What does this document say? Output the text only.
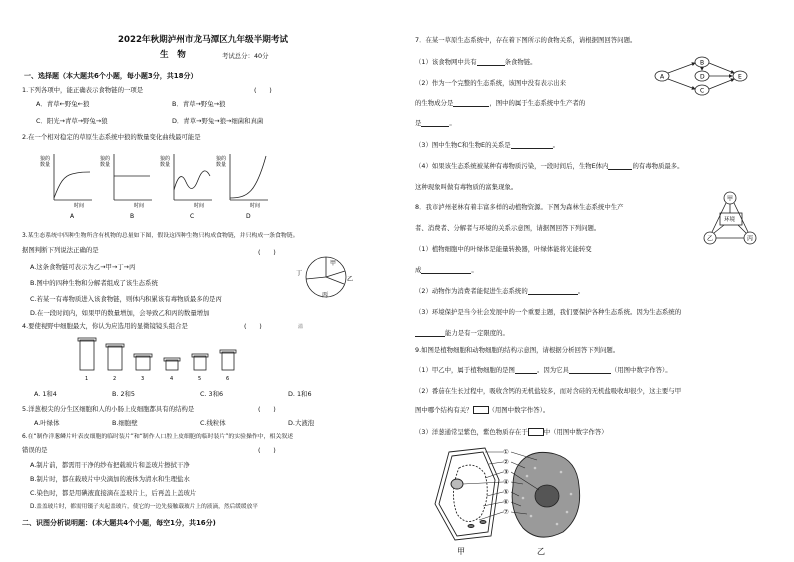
2022年秋期泸州市龙马潭区九年级半期考试
生　物	考试总分：40分
一、选择题（本大题共6个小题，每小题3分，共18分）
1.下列各项中，能正确表示食物链的一项是	(　　)
A．青草←野兔←狼	B．青草→野兔→狼
C．阳光→青草→野兔→狼	D．青草→野兔→狼→细菌和真菌
2.在一个相对稳定的草原生态系统中狼的数量变化曲线最可能是
狼的
数量
狼的
数量
狼的
数量
狼的
数量
时间	时间	时间	时间
A	B	C	D
3.某生态系统中四种生物所含有机物的总量如下图，假设这四种生物只构成食物链，并只构成一条食物链。
据图判断下列说法正确的是	(　　)
A.这条食物链可表示为乙→甲→丁→丙
B.图中的四种生物和分解者组成了该生态系统
C.若某一有毒物质进入该食物链，则体内积累该有毒物质最多的是丙
D.在一段时间内，如果甲的数量增加，会导致乙和丙的数量增加
丁
甲
乙
丙
4.要使视野中细胞最大，你认为应选用的显微镜镜头组合是	(　　)	溢
1	2	3	4	5	6
A. 1和4	B. 2和5	C. 3和6	D. 1和6
5.洋葱根尖的分生区细胞和人的小肠上皮细胞都具有的结构是	(　　)
A.叶绿体	B.细胞壁	C.线粒体	D.大液泡
6.在“制作洋葱鳞片叶表皮细胞的临时装片”和“制作人口腔上皮细胞的临时装片”的实验操作中，相关叙述
错误的是	(　　)
A.制片前，都需用干净的纱布把载玻片和盖玻片擦拭干净
B.制片时，都在载玻片中央滴加的液体为清水和生理盐水
C.染色时，都是用碘液直接滴在盖玻片上，后再盖上盖玻片
D.盖盖玻片时，都需用镊子夹起盖玻片，使它的一边先接触载玻片上的液滴，然后缓缓放平
二、识图分析说明题：(本大题共4个小题，每空1分，共16分)
7．在某一草原生态系统中，存在着下图所示的食物关系，请根据图回答问题。
A
B
C
D	E
（1）该食物网中共有	条食物链。
（2）作为一个完整的生态系统，该图中没有表示出来
的生物成分是	，图中的属于生态系统中生产者的
是	。
（3）图中生物C和生物E的关系是	。
（4）如果该生态系统被某种有毒物质污染，一段时间后，生物E体内	的有毒物质最多。
这种现象叫做有毒物质的富集现象。
8．我市泸州老林有着丰富多样的动植物资源。下图为森林生态系统中生产
者、消费者、分解者与环境的关系示意图，请据图回答下列问题。
甲
环境
乙	丙
（1）植物细胞中的叶绿体是能量转换器，叶绿体能将光能转变
成	。
（2）动物作为消费者能促进生态系统的	。
（3）环境保护是当今社会发展中的一个重要主题，我们要保护各种生态系统。因为生态系统的
能力是有一定限度的。
9.如图是植物细胞和动物细胞的结构示意图，请根据分析回答下列问题。
（1）甲乙中，属于植物细胞的是图	。因为它具	（用图中数字作答）。
（2）番茄在生长过程中，吸收含钙的无机盐较多，而对含硅的无机盐吸收却很少，这主要与甲
图中哪个结构有关？	（用图中数字作答）。
（3）洋葱通常呈紫色，紫色物质存在于	中（用图中数字作答）
①
②
③
④
⑤
⑥
⑦
甲	乙
